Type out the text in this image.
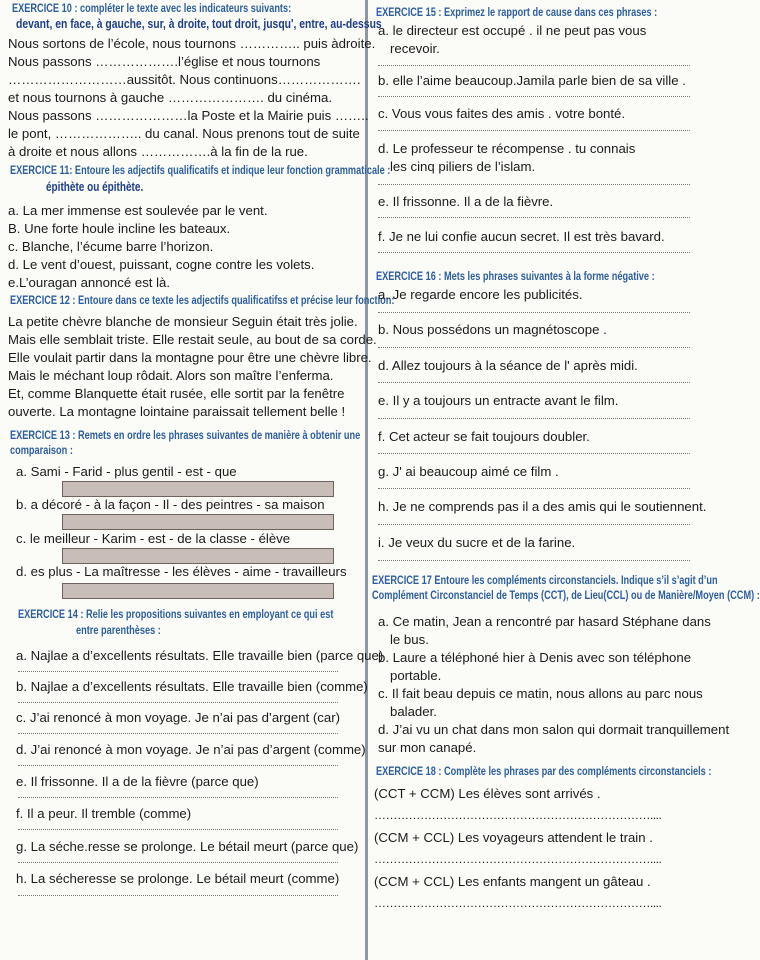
EXERCICE 10 : compléter le texte avec les indicateurs suivants:
devant, en face, à gauche, sur, à droite, tout droit, jusqu', entre, au-dessus
Nous sortons de l’école, nous tournons ………….. puis àdroite.
Nous passons ……………….l’église et nous tournons
………………………aussitôt. Nous continuons……………….
et nous tournons à gauche …………………. du cinéma.
Nous passons …………………la Poste et la Mairie puis ……..
le pont, ……………….. du canal. Nous prenons tout de suite
à droite et nous allons …………….à la fin de la rue.
EXERCICE 11: Entoure les adjectifs qualificatifs et indique leur fonction grammaticale :
épithète ou épithète.
a. La mer immense est soulevée par le vent.
B. Une forte houle incline les bateaux.
c. Blanche, l’écume barre l’horizon.
d. Le vent d’ouest, puissant, cogne contre les volets.
e.L’ouragan annoncé est là.
EXERCICE 12 : Entoure dans ce texte les adjectifs qualificatifss et précise leur fonction:
La petite chèvre blanche de monsieur Seguin était très jolie.
Mais elle semblait triste. Elle restait seule, au bout de sa corde.
Elle voulait partir dans la montagne pour être une chèvre libre.
Mais le méchant loup rôdait. Alors son maître l’enferma.
Et, comme Blanquette était rusée, elle sortit par la fenêtre
ouverte. La montagne lointaine paraissait tellement belle !
EXERCICE 13 : Remets en ordre les phrases suivantes de manière à obtenir une
comparaison :
a. Sami - Farid - plus gentil - est - que
b. a décoré - à la façon - Il - des peintres - sa maison
c. le meilleur - Karim - est - de la classe - élève
d. es plus - La maîtresse - les élèves - aime - travailleurs
EXERCICE 14 : Relie les propositions suivantes en employant ce qui est
entre parenthèses :
a. Najlae a d’excellents résultats. Elle travaille bien (parce que)
b. Najlae a d’excellents résultats. Elle travaille bien (comme)
c. J’ai renoncé à mon voyage. Je n’ai pas d’argent (car)
d. J’ai renoncé à mon voyage. Je n’ai pas d’argent (comme)
e. Il frissonne. Il a de la fièvre (parce que)
f. Il a peur. Il tremble (comme)
g. La séche.resse se prolonge. Le bétail meurt (parce que)
h. La sécheresse se prolonge. Le bétail meurt (comme)
EXERCICE 15 : Exprimez le rapport de cause dans ces phrases :
a. le directeur est occupé . il ne peut pas vous
recevoir.
b. elle l’aime beaucoup.Jamila parle bien de sa ville .
c. Vous vous faites des amis . votre bonté.
d. Le professeur te récompense . tu connais
les cinq piliers de l’islam.
e. Il frissonne. Il a de la fièvre.
f. Je ne lui confie aucun secret. Il est très bavard.
EXERCICE 16 : Mets les phrases suivantes à la forme négative :
a. Je regarde encore les publicités.
b. Nous possédons un magnétoscope .
d. Allez toujours à la séance de l' après midi.
e. Il y a toujours un entracte avant le film.
f. Cet acteur se fait toujours doubler.
g. J' ai beaucoup aimé ce film .
h. Je ne comprends pas il a des amis qui le soutiennent.
i. Je veux du sucre et de la farine.
EXERCICE 17 Entoure les compléments circonstanciels. Indique s’il s’agit d’un
Complément Circonstanciel de Temps (CCT), de Lieu(CCL) ou de Manière/Moyen (CCM) :
a. Ce matin, Jean a rencontré par hasard Stéphane dans
le bus.
b. Laure a téléphoné hier à Denis avec son téléphone
portable.
c. Il fait beau depuis ce matin, nous allons au parc nous
balader.
d. J’ai vu un chat dans mon salon qui dormait tranquillement
sur mon canapé.
EXERCICE 18 : Complète les phrases par des compléments circonstanciels :
(CCT + CCM) Les élèves sont arrivés .
………………………………………………………………....
(CCM + CCL) Les voyageurs attendent le train .
………………………………………………………………....
(CCM + CCL) Les enfants mangent un gâteau .
………………………………………………………………....
